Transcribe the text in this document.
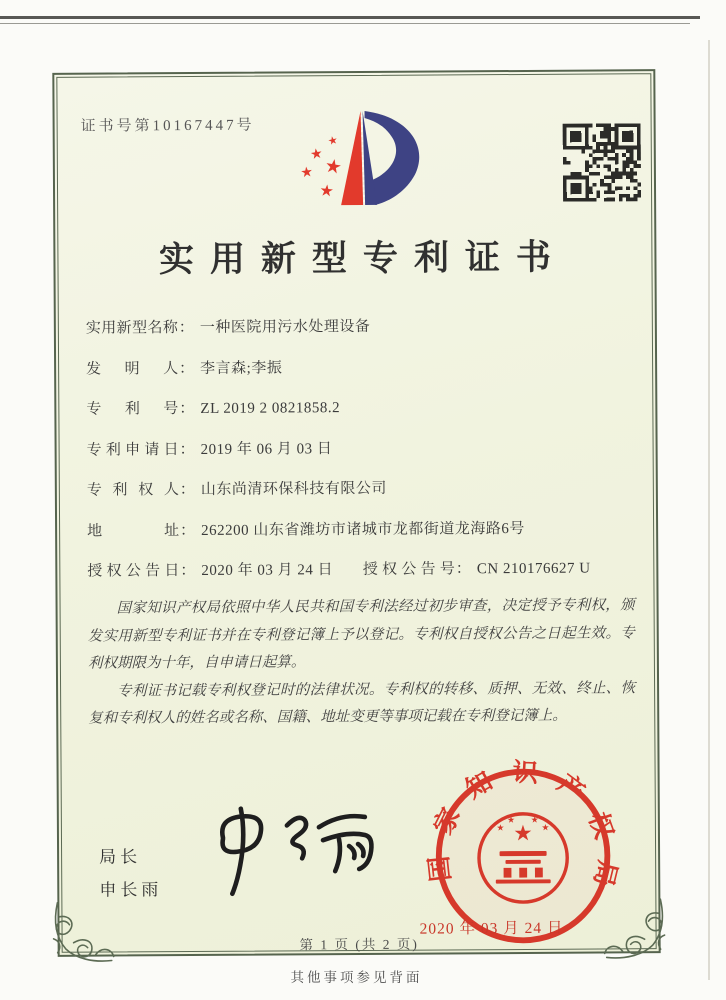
证书号第10167447号
★
★
★
★
★
实用新型专利证书
实用新型名称： 一种医院用污水处理设备
发明人： 李言森;李振
专利号： ZL 2019 2 0821858.2
专利申请日： 2019 年 06 月 03 日
专利权人： 山东尚清环保科技有限公司
地址： 262200 山东省潍坊市诸城市龙都街道龙海路6号
授权公告日： 2020 年 03 月 24 日 授权公告号： CN 210176627 U

国家知识产权局依照中华人民共和国专利法经过初步审查，决定授予专利权，颁发实用新型专利证书并在专利登记簿上予以登记。专利权自授权公告之日起生效。专利权期限为十年，自申请日起算。

专利证书记载专利权登记时的法律状况。专利权的转移、质押、无效、终止、恢复和专利权人的姓名或名称、国籍、地址变更等事项记载在专利登记簿上。

局长
申长雨
国家知识产权局
★
★
★ ★
★
2020 年 03 月 24 日
第 1 页 (共 2 页)
其他事项参见背面
